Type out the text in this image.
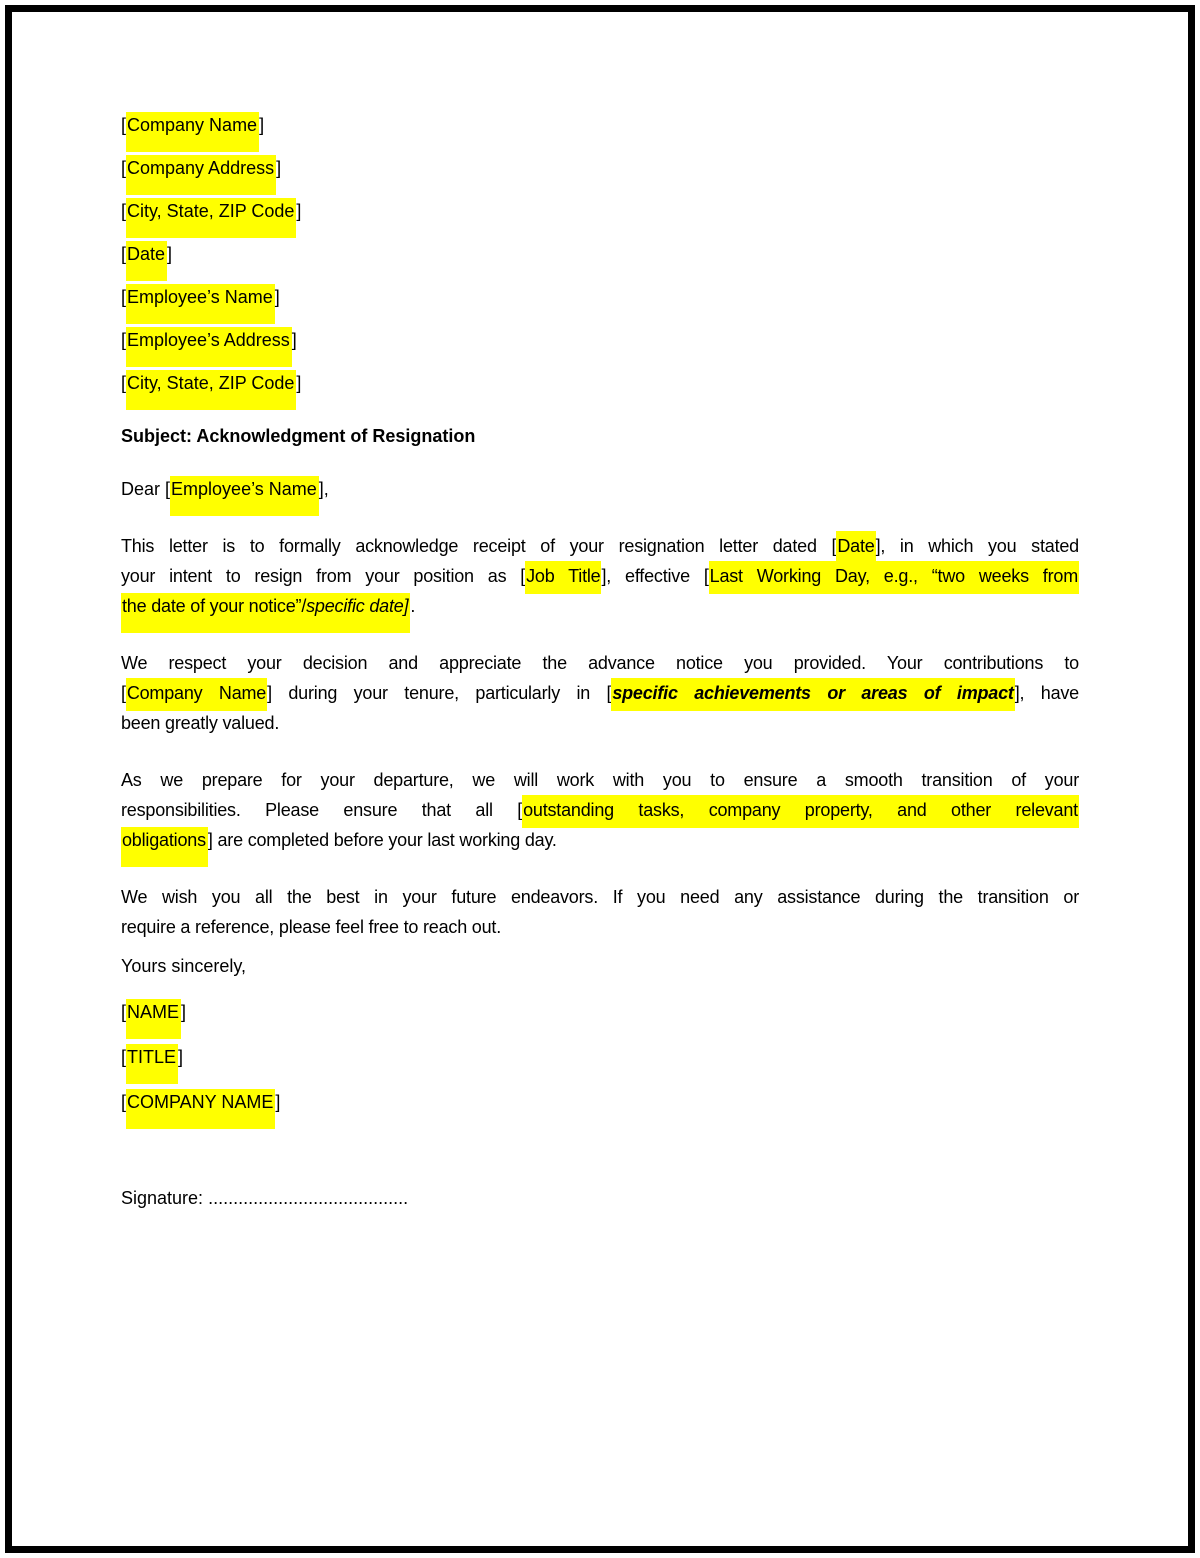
[Company Name ]

[Company Address ]

[City, State, ZIP Code ]

[Date ]

[Employee’s Name ]

[Employee’s Address ]

[City, State, ZIP Code ]

Subject: Acknowledgment of Resignation

Dear [Employee’s Name ],

This letter is to formally acknowledge receipt of your resignation letter dated [Date], in which you stated
your intent to resign from your position as [Job Title], effective [Last Working Day, e.g., “two weeks from
the date of your notice”/specific date] .
We respect your decision and appreciate the advance notice you provided. Your contributions to
[Company Name] during your tenure, particularly in [specific achievements or areas of impact], have
been greatly valued.
As we prepare for your departure, we will work with you to ensure a smooth transition of your
responsibilities. Please ensure that all [outstanding tasks, company property, and other relevant
obligations ] are completed before your last working day.
We wish you all the best in your future endeavors. If you need any assistance during the transition or
require a reference, please feel free to reach out.

Yours sincerely,

[NAME ]

[TITLE ]

[COMPANY NAME ]

Signature: ........................................
